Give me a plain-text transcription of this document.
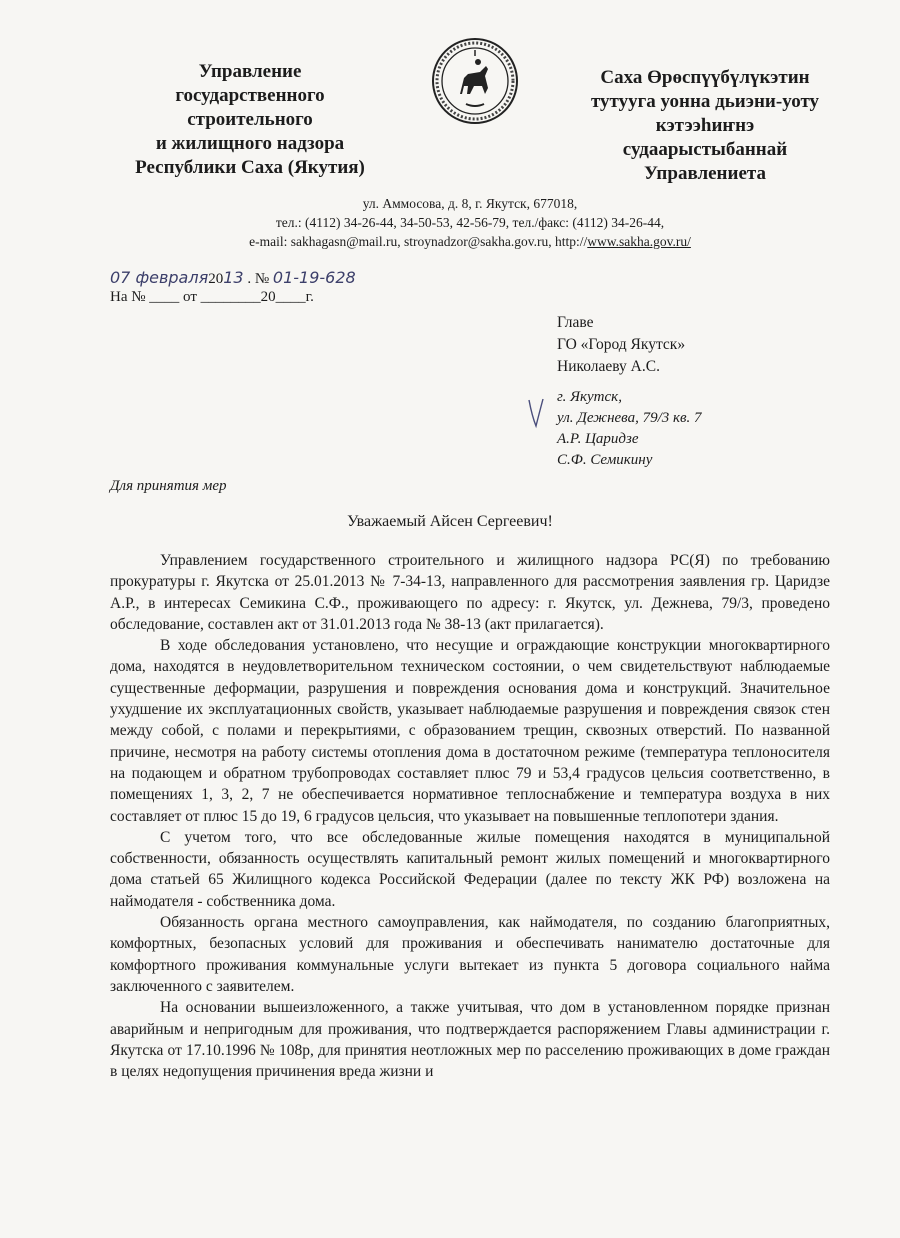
Управление
государственного
строительного
и жилищного надзора
Республики Саха (Якутия)
Саха Өрөспүүбүлүкэтин
тутууга уонна дьиэни-уоту
кэтээһиҥнэ
судаарыстыбаннай
Управлениета
ул. Аммосова, д. 8, г. Якутск, 677018,
тел.: (4112) 34-26-44, 34-50-53, 42-56-79, тел./факс: (4112) 34-26-44,
e-mail: sakhagasn@mail.ru, stroynadzor@sakha.gov.ru, http://www.sakha.gov.ru/
07 февраля2013 . № 01-19-628
На № ____ от ________20____г.
Главе
ГО «Город Якутск»
Николаеву А.С.
г. Якутск,
ул. Дежнева, 79/3 кв. 7
А.Р. Царидзе
С.Ф. Семикину
Для принятия мер
Уважаемый Айсен Сергеевич!

Управлением государственного строительного и жилищного надзора РС(Я) по требованию прокуратуры г. Якутска от 25.01.2013 № 7-34-13, направленного для рассмотрения заявления гр. Царидзе А.Р., в интересах Семикина С.Ф., проживающего по адресу: г. Якутск, ул. Дежнева, 79/3, проведено обследование, составлен акт от 31.01.2013 года № 38-13 (акт прилагается).

В ходе обследования установлено, что несущие и ограждающие конструкции многоквартирного дома, находятся в неудовлетворительном техническом состоянии, о чем свидетельствуют наблюдаемые существенные деформации, разрушения и повреждения основания дома и конструкций. Значительное ухудшение их эксплуатационных свойств, указывает наблюдаемые разрушения и повреждения связок стен между собой, с полами и перекрытиями, с образованием трещин, сквозных отверстий. По названной причине, несмотря на работу системы отопления дома в достаточном режиме (температура теплоносителя на подающем и обратном трубопроводах составляет плюс 79 и 53,4 градусов цельсия соответственно, в помещениях 1, 3, 2, 7 не обеспечивается нормативное теплоснабжение и температура воздуха в них составляет от плюс 15 до 19, 6 градусов цельсия, что указывает на повышенные теплопотери здания.

С учетом того, что все обследованные жилые помещения находятся в муниципальной собственности, обязанность осуществлять капитальный ремонт жилых помещений и многоквартирного дома статьей 65 Жилищного кодекса Российской Федерации (далее по тексту ЖК РФ) возложена на наймодателя - собственника дома.

Обязанность органа местного самоуправления, как наймодателя, по созданию благоприятных, комфортных, безопасных условий для проживания и обеспечивать нанимателю достаточные для комфортного проживания коммунальные услуги вытекает из пункта 5 договора социального найма заключенного с заявителем.

На основании вышеизложенного, а также учитывая, что дом в установленном порядке признан аварийным и непригодным для проживания, что подтверждается распоряжением Главы администрации г. Якутска от 17.10.1996 № 108р, для принятия неотложных мер по расселению проживающих в доме граждан в целях недопущения причинения вреда жизни и
